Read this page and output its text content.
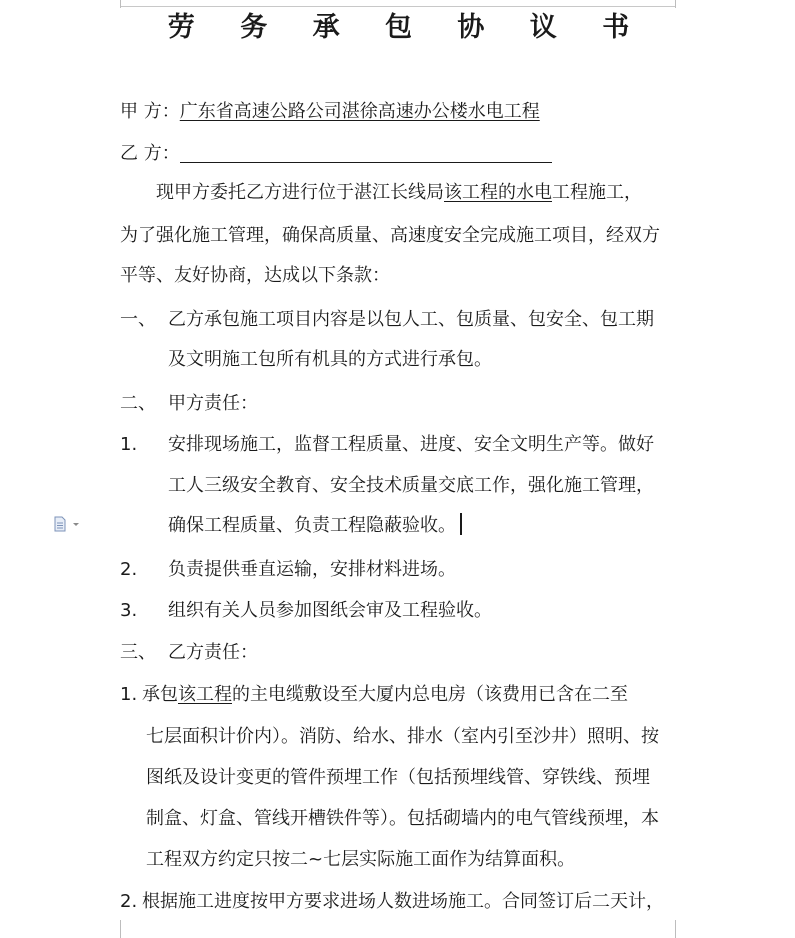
劳 务 承 包 协 议 书
甲 方：广东省高速公路公司湛徐高速办公楼水电工程
乙 方：
现甲方委托乙方进行位于湛江长线局该工程的水电工程施工，
为了强化施工管理，确保高质量、高速度安全完成施工项目，经双方
平等、友好协商，达成以下条款：
一、 乙方承包施工项目内容是以包人工、包质量、包安全、包工期
及文明施工包所有机具的方式进行承包。
二、 甲方责任：
1. 安排现场施工，监督工程质量、进度、安全文明生产等。做好
工人三级安全教育、安全技术质量交底工作，强化施工管理，
确保工程质量、负责工程隐蔽验收。
2. 负责提供垂直运输，安排材料进场。
3. 组织有关人员参加图纸会审及工程验收。
三、 乙方责任：
1. 承包该工程的主电缆敷设至大厦内总电房（该费用已含在二至
七层面积计价内）。消防、给水、排水（室内引至沙井）照明、按
图纸及设计变更的管件预埋工作（包括预埋线管、穿铁线、预埋
制盒、灯盒、管线开槽铁件等）。包括砌墙内的电气管线预埋，本
工程双方约定只按二~七层实际施工面作为结算面积。
2. 根据施工进度按甲方要求进场人数进场施工。合同签订后二天计，
